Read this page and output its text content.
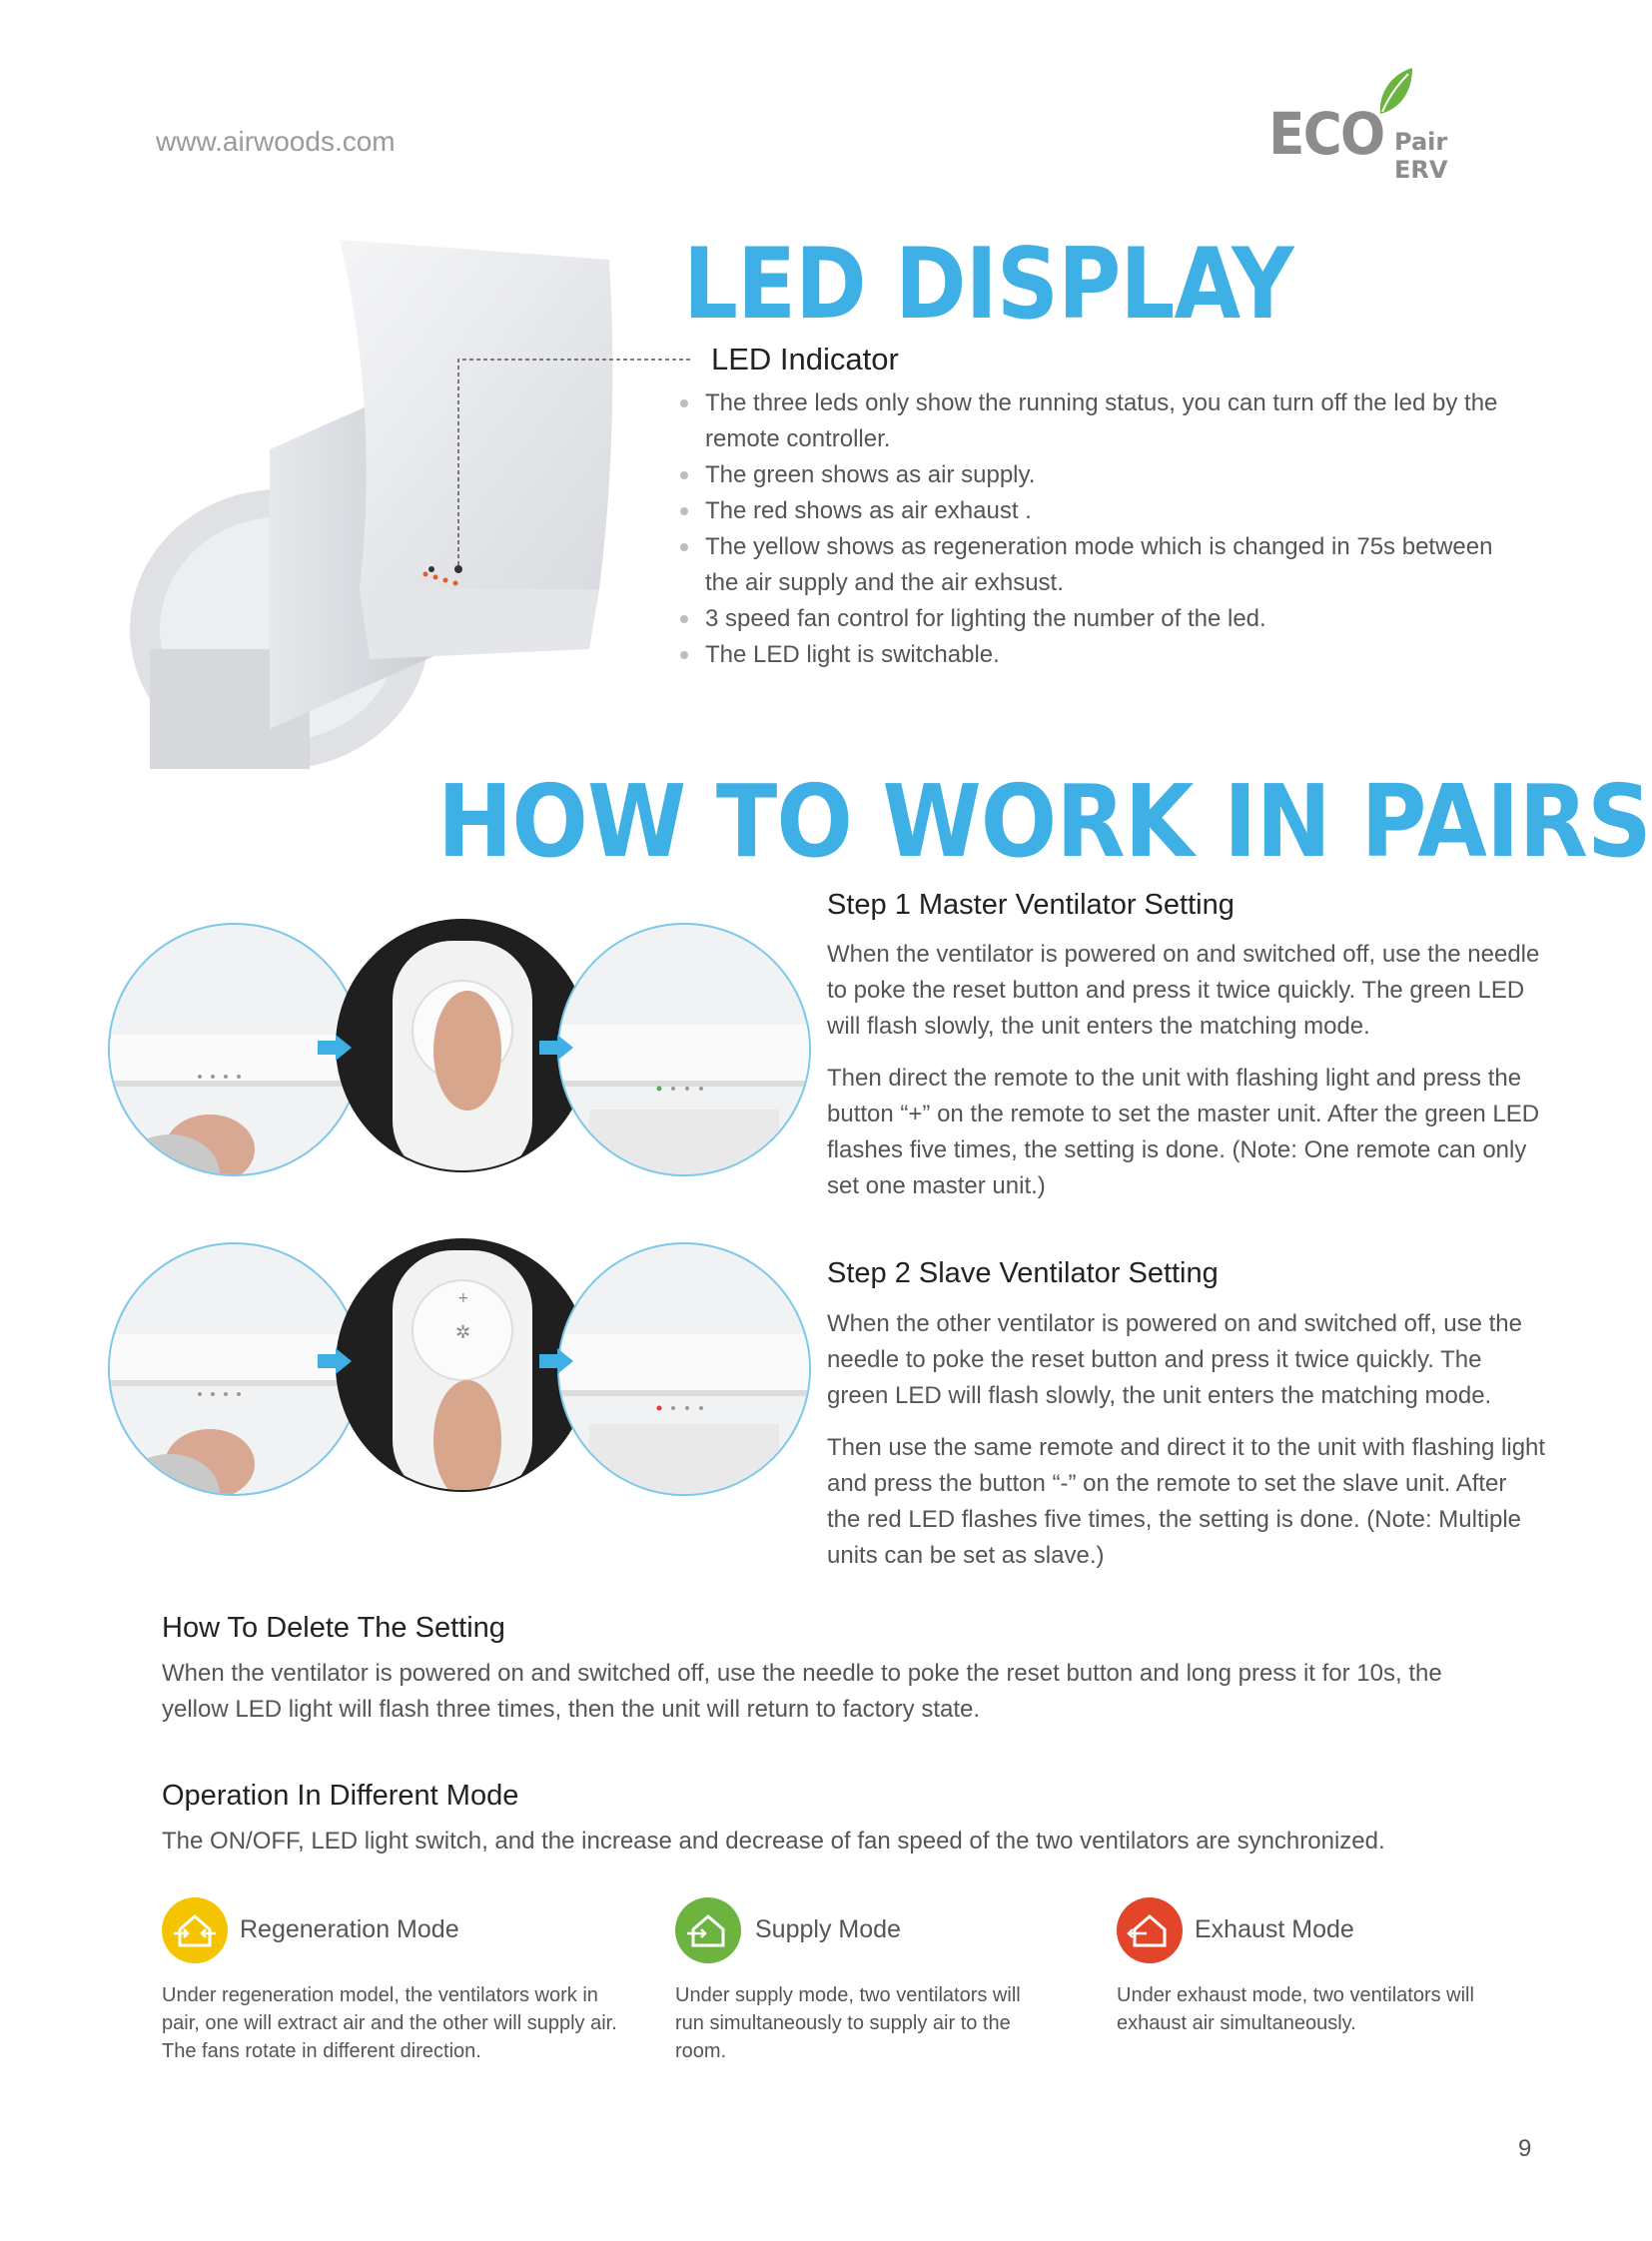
www.airwoods.com	ECO Pair ERV
LED DISPLAY
LED Indicator
The three leds only show the running status, you can turn off the led by the remote controller.
The green shows as air supply.
The red shows as air exhaust .
The yellow shows as regeneration mode which is changed in 75s between the air supply and the air exhsust.
3 speed fan control for lighting the number of the led.
The LED light is switchable.
HOW TO WORK IN PAIRS
Step 1 Master Ventilator Setting

When the ventilator is powered on and switched off, use the needle to poke the reset button and press it twice quickly. The green LED will flash slowly, the unit enters the matching mode.

Then direct the remote to the unit with flashing light and press the button “+” on the remote to set the master unit. After the green LED flashes five times, the setting is done. (Note: One remote can only set one master unit.)

+
✲
Step 2 Slave Ventilator Setting

When the other ventilator is powered on and switched off, use the needle to poke the reset button and press it twice quickly. The green LED will flash slowly, the unit enters the matching mode.

Then use the same remote and direct it to the unit with flashing light and press the button “-” on the remote to set the slave unit. After the red LED flashes five times, the setting is done. (Note: Multiple units can be set as slave.)

How To Delete The Setting
When the ventilator is powered on and switched off, use the needle to poke the reset button and long press it for 10s, the yellow LED light will flash three times, then the unit will return to factory state.
Operation In Different Mode
The ON/OFF, LED light switch, and the increase and decrease of fan speed of the two ventilators are synchronized.
Regeneration Mode
Under regeneration model, the ventilators work in pair, one will extract air and the other will supply air. The fans rotate in different direction.
Supply Mode
Under supply mode, two ventilators will run simultaneously to supply air to the room.
Exhaust Mode
Under exhaust mode, two ventilators will exhaust air simultaneously.
9
